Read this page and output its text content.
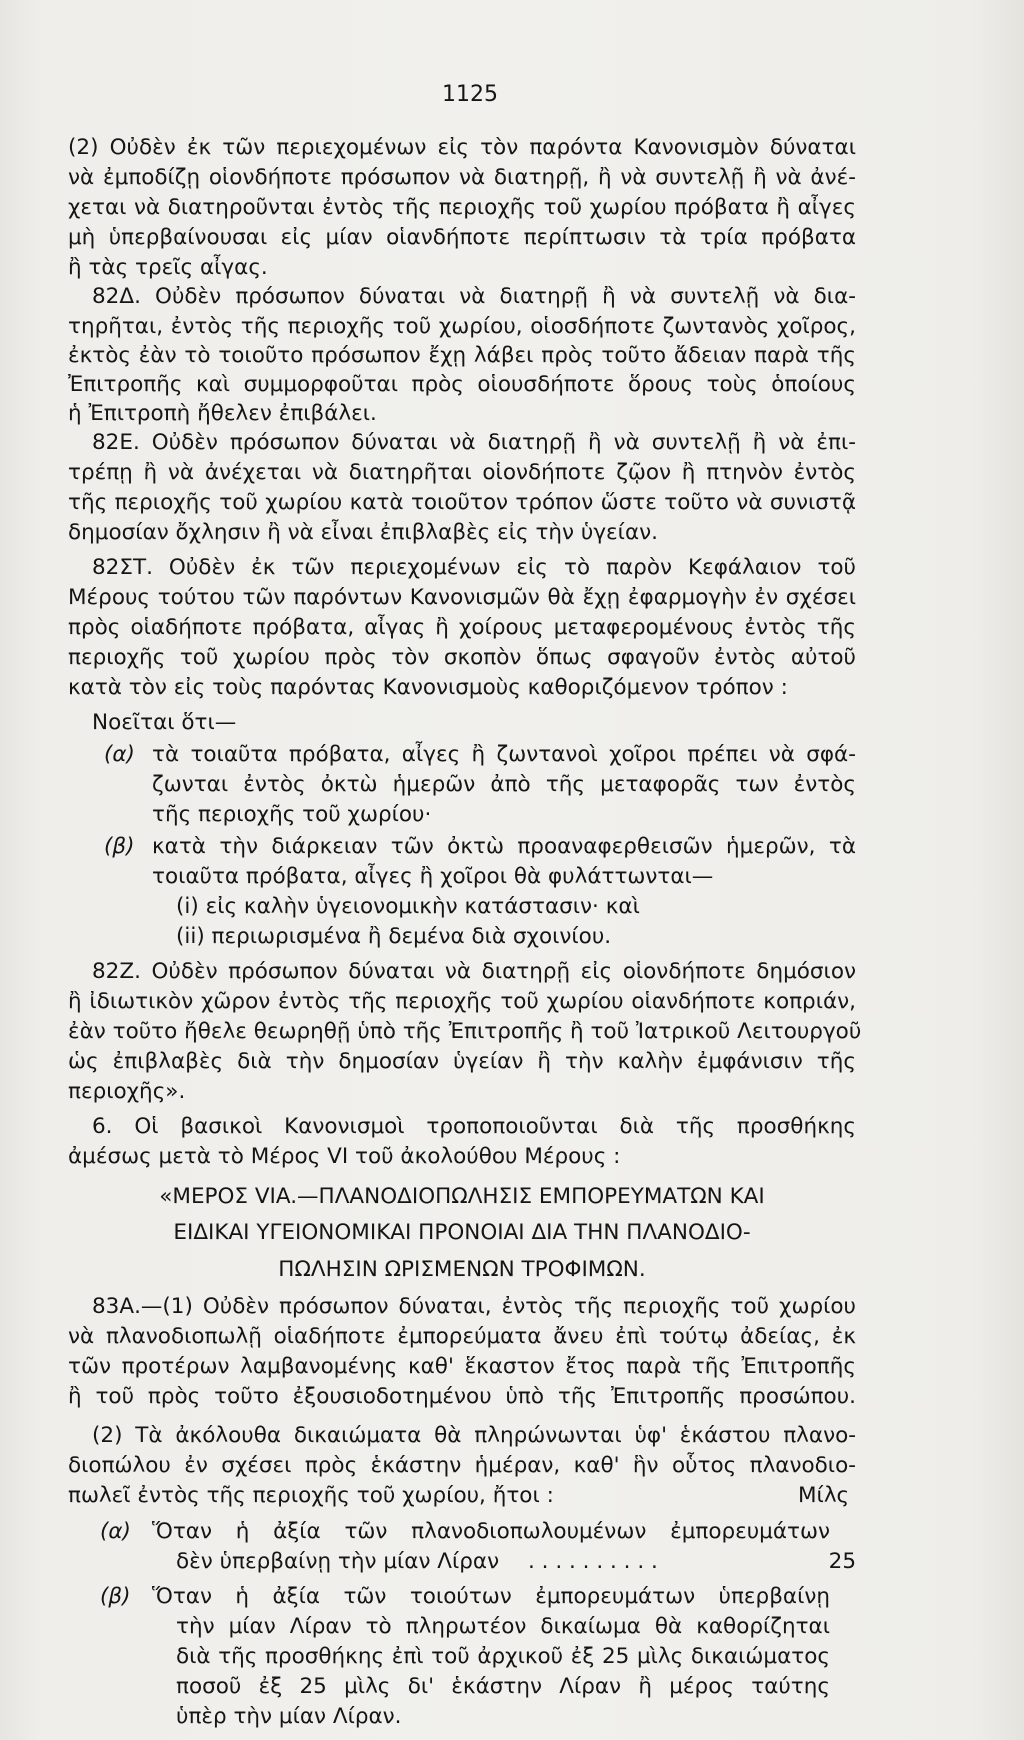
1125
(2) Οὐδὲν ἐκ τῶν περιεχομένων εἰς τὸν παρόντα Κανονισμὸν δύναται
νὰ ἐμποδίζῃ οἱονδήποτε πρόσωπον νὰ διατηρῇ, ἢ νὰ συντελῇ ἢ νὰ ἀνέ-
χεται νὰ διατηροῦνται ἐντὸς τῆς περιοχῆς τοῦ χωρίου πρόβατα ἢ αἶγες
μὴ ὑπερβαίνουσαι εἰς μίαν οἱανδήποτε περίπτωσιν τὰ τρία πρόβατα
ἢ τὰς τρεῖς αἶγας.
82Δ. Οὐδὲν πρόσωπον δύναται νὰ διατηρῇ ἢ νὰ συντελῇ νὰ δια-
τηρῆται, ἐντὸς τῆς περιοχῆς τοῦ χωρίου, οἱοσδήποτε ζωντανὸς χοῖρος,
ἐκτὸς ἐὰν τὸ τοιοῦτο πρόσωπον ἔχῃ λάβει πρὸς τοῦτο ἄδειαν παρὰ τῆς
Ἐπιτροπῆς καὶ συμμορφοῦται πρὸς οἱουσδήποτε ὅρους τοὺς ὁποίους
ἡ Ἐπιτροπὴ ἤθελεν ἐπιβάλει.
82Ε. Οὐδὲν πρόσωπον δύναται νὰ διατηρῇ ἢ νὰ συντελῇ ἢ νὰ ἐπι-
τρέπῃ ἢ νὰ ἀνέχεται νὰ διατηρῆται οἱονδήποτε ζῷον ἢ πτηνὸν ἐντὸς
τῆς περιοχῆς τοῦ χωρίου κατὰ τοιοῦτον τρόπον ὥστε τοῦτο νὰ συνιστᾷ
δημοσίαν ὄχλησιν ἢ νὰ εἶναι ἐπιβλαβὲς εἰς τὴν ὑγείαν.
82ΣΤ. Οὐδὲν ἐκ τῶν περιεχομένων εἰς τὸ παρὸν Κεφάλαιον τοῦ
Μέρους τούτου τῶν παρόντων Κανονισμῶν θὰ ἔχῃ ἐφαρμογὴν ἐν σχέσει
πρὸς οἱαδήποτε πρόβατα, αἶγας ἢ χοίρους μεταφερομένους ἐντὸς τῆς
περιοχῆς τοῦ χωρίου πρὸς τὸν σκοπὸν ὅπως σφαγοῦν ἐντὸς αὐτοῦ
κατὰ τὸν εἰς τοὺς παρόντας Κανονισμοὺς καθοριζόμενον τρόπον :
Νοεῖται ὅτι—
(α) τὰ τοιαῦτα πρόβατα, αἶγες ἢ ζωντανοὶ χοῖροι πρέπει νὰ σφά-
ζωνται ἐντὸς ὀκτὼ ἡμερῶν ἀπὸ τῆς μεταφορᾶς των ἐντὸς
τῆς περιοχῆς τοῦ χωρίου·
(β) κατὰ τὴν διάρκειαν τῶν ὀκτὼ προαναφερθεισῶν ἡμερῶν, τὰ
τοιαῦτα πρόβατα, αἶγες ἢ χοῖροι θὰ φυλάττωνται—
(i) εἰς καλὴν ὑγειονομικὴν κατάστασιν· καὶ
(ii) περιωρισμένα ἢ δεμένα διὰ σχοινίου.
82Ζ. Οὐδὲν πρόσωπον δύναται νὰ διατηρῇ εἰς οἱονδήποτε δημόσιον
ἢ ἰδιωτικὸν χῶρον ἐντὸς τῆς περιοχῆς τοῦ χωρίου οἱανδήποτε κοπριάν,
ἐὰν τοῦτο ἤθελε θεωρηθῇ ὑπὸ τῆς Ἐπιτροπῆς ἢ τοῦ Ἰατρικοῦ Λειτουργοῦ
ὡς ἐπιβλαβὲς διὰ τὴν δημοσίαν ὑγείαν ἢ τὴν καλὴν ἐμφάνισιν τῆς
περιοχῆς».
6. Οἱ βασικοὶ Κανονισμοὶ τροποποιοῦνται διὰ τῆς προσθήκης
ἀμέσως μετὰ τὸ Μέρος VI τοῦ ἀκολούθου Μέρους :
«ΜΕΡΟΣ VIA.—ΠΛΑΝΟΔΙΟΠΩΛΗΣΙΣ ΕΜΠΟΡΕΥΜΑΤΩΝ ΚΑΙ
ΕΙΔΙΚΑΙ ΥΓΕΙΟΝΟΜΙΚΑΙ ΠΡΟΝΟΙΑΙ ΔΙΑ ΤΗΝ ΠΛΑΝΟΔΙΟ-
ΠΩΛΗΣΙΝ ΩΡΙΣΜΕΝΩΝ ΤΡΟΦΙΜΩΝ.
83Α.—(1) Οὐδὲν πρόσωπον δύναται, ἐντὸς τῆς περιοχῆς τοῦ χωρίου
νὰ πλανοδιοπωλῇ οἱαδήποτε ἐμπορεύματα ἄνευ ἐπὶ τούτῳ ἀδείας, ἐκ
τῶν προτέρων λαμβανομένης καθ' ἕκαστον ἔτος παρὰ τῆς Ἐπιτροπῆς
ἢ τοῦ πρὸς τοῦτο ἐξουσιοδοτημένου ὑπὸ τῆς Ἐπιτροπῆς προσώπου.
(2) Τὰ ἀκόλουθα δικαιώματα θὰ πληρώνωνται ὑφ' ἑκάστου πλανο-
διοπώλου ἐν σχέσει πρὸς ἑκάστην ἡμέραν, καθ' ἣν οὗτος πλανοδιο-
πωλεῖ ἐντὸς τῆς περιοχῆς τοῦ χωρίου, ἤτοι :	Μίλς
(α) Ὅταν ἡ ἀξία τῶν πλανοδιοπωλουμένων ἐμπορευμάτων
δὲν ὑπερβαίνῃ τὴν μίαν Λίραν . . . . . . . . . .	25
(β)	Ὅταν ἡ ἀξία τῶν τοιούτων ἐμπορευμάτων ὑπερβαίνῃ
τὴν μίαν Λίραν τὸ πληρωτέον δικαίωμα θὰ καθορίζηται
διὰ τῆς προσθήκης ἐπὶ τοῦ ἀρχικοῦ ἐξ 25 μὶλς δικαιώματος
ποσοῦ ἐξ 25 μὶλς δι' ἑκάστην Λίραν ἢ μέρος ταύτης
ὑπὲρ τὴν μίαν Λίραν.
